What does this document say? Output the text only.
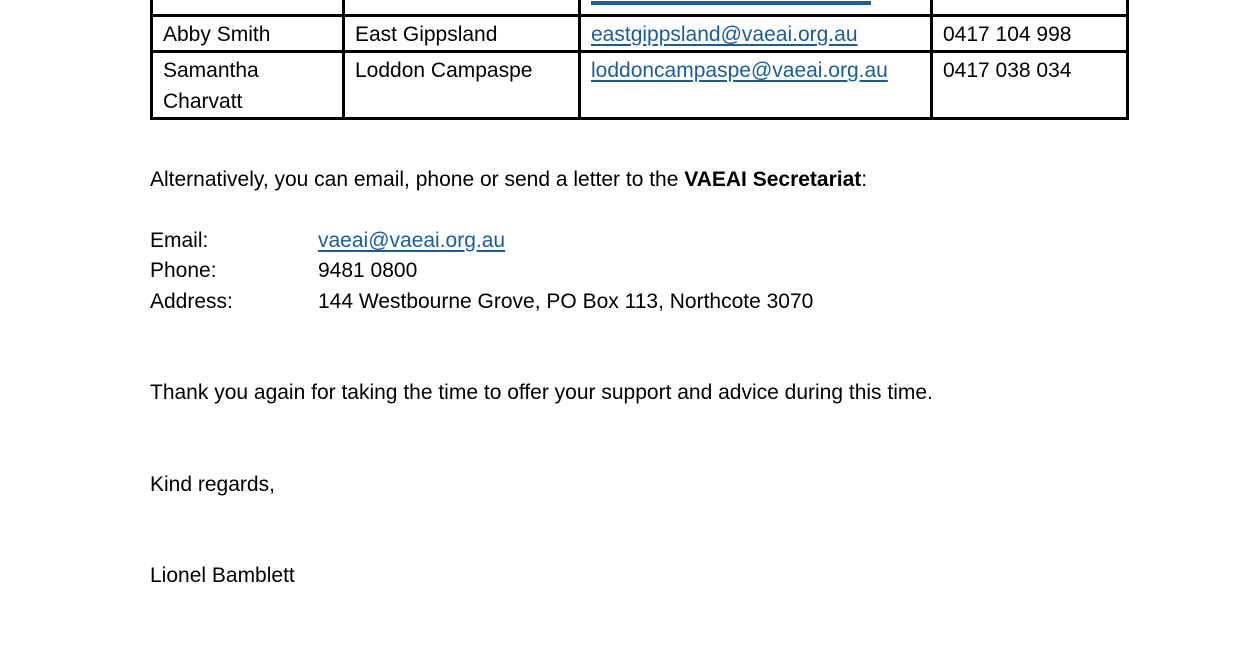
Abby Smith	East Gippsland	eastgippsland@vaeai.org.au	0417 104 998
Samantha Charvatt	Loddon Campaspe	loddoncampaspe@vaeai.org.au	0417 038 034
Alternatively, you can email, phone or send a letter to the VAEAI Secretariat:
Email:	vaeai@vaeai.org.au
Phone:	9481 0800
Address:	144 Westbourne Grove, PO Box 113, Northcote 3070
Thank you again for taking the time to offer your support and advice during this time.
Kind regards,
Lionel Bamblett
